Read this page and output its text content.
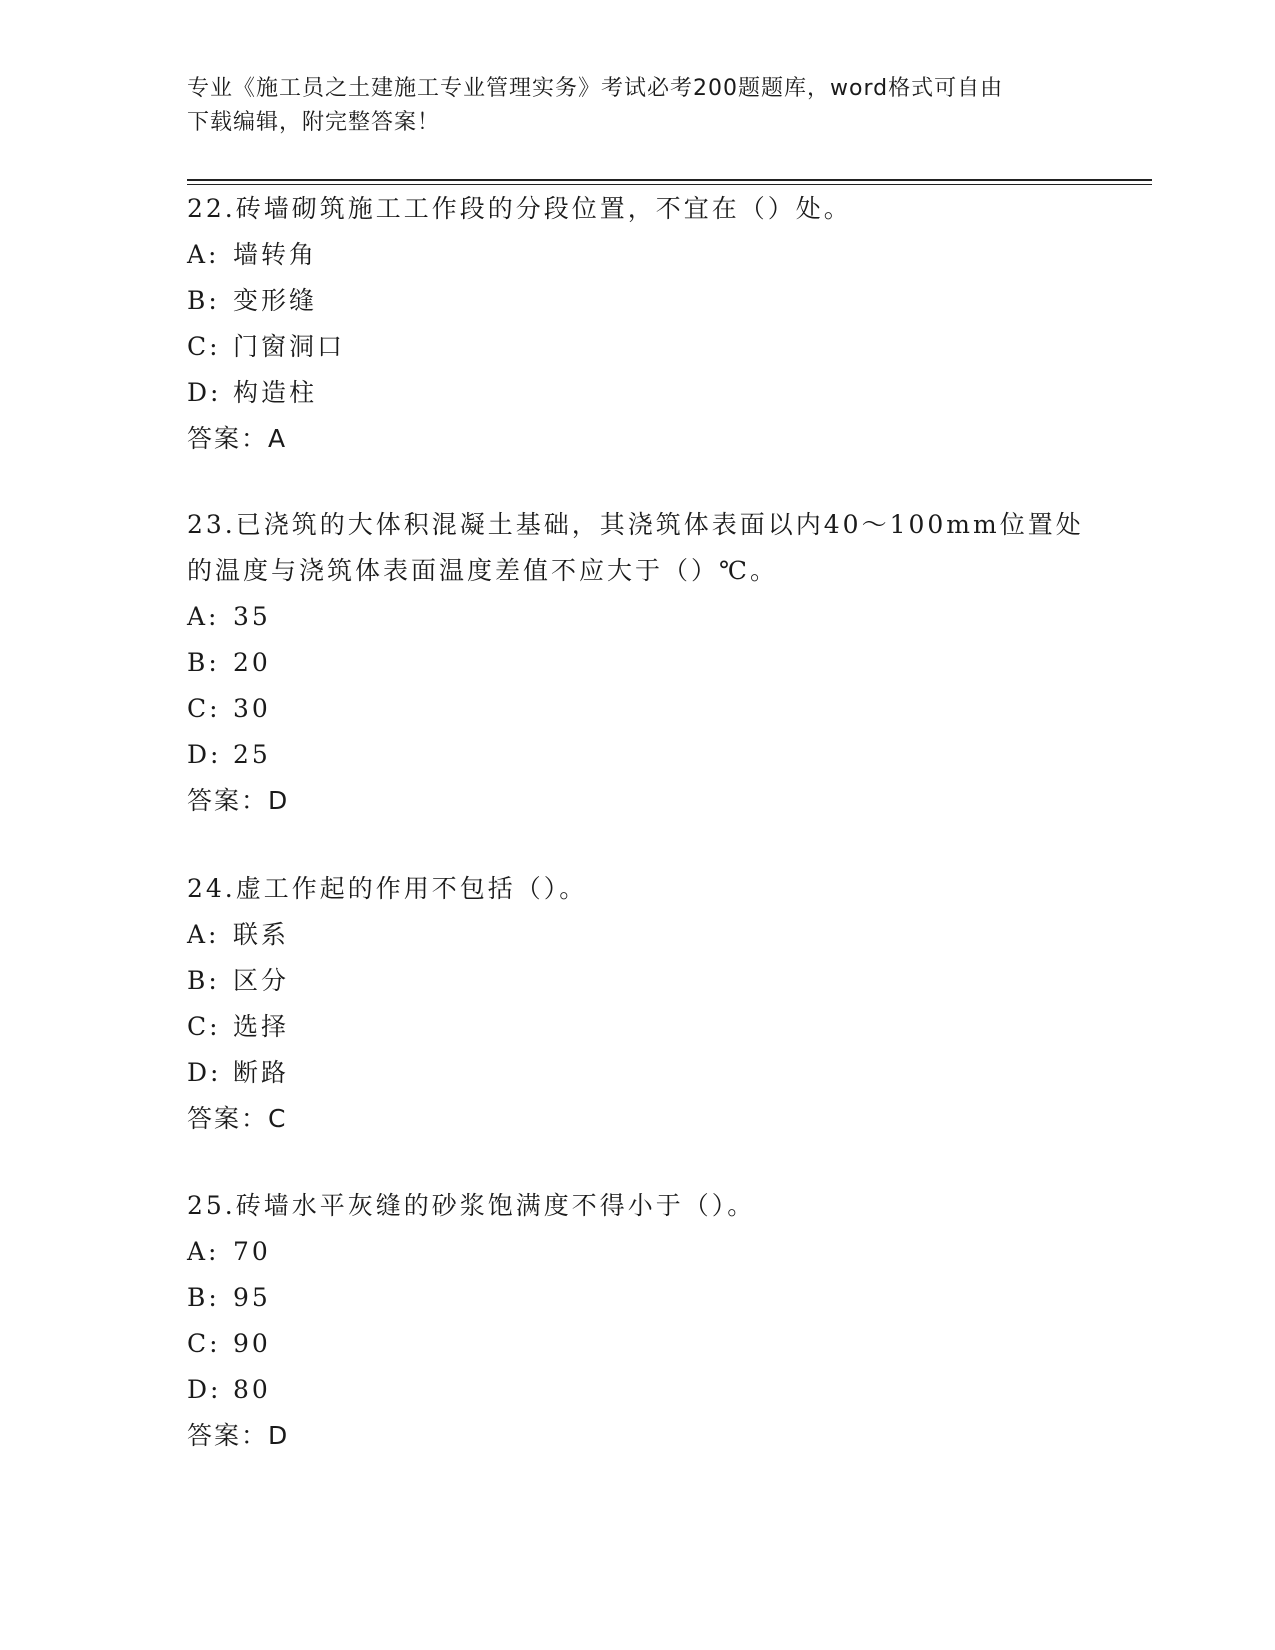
专业《施工员之土建施工专业管理实务》考试必考200题题库，word格式可自由
下载编辑，附完整答案！

22.砖墙砌筑施工工作段的分段位置，不宜在（）处。

A: 墙转角

B: 变形缝

C: 门窗洞口

D: 构造柱

答案：A

23.已浇筑的大体积混凝土基础，其浇筑体表面以内40～100mm位置处

的温度与浇筑体表面温度差值不应大于（）℃。

A: 35

B: 20

C: 30

D: 25

答案：D

24.虚工作起的作用不包括（）。

A: 联系

B: 区分

C: 选择

D: 断路

答案：C

25.砖墙水平灰缝的砂浆饱满度不得小于（）。

A: 70

B: 95

C: 90

D: 80

答案：D
